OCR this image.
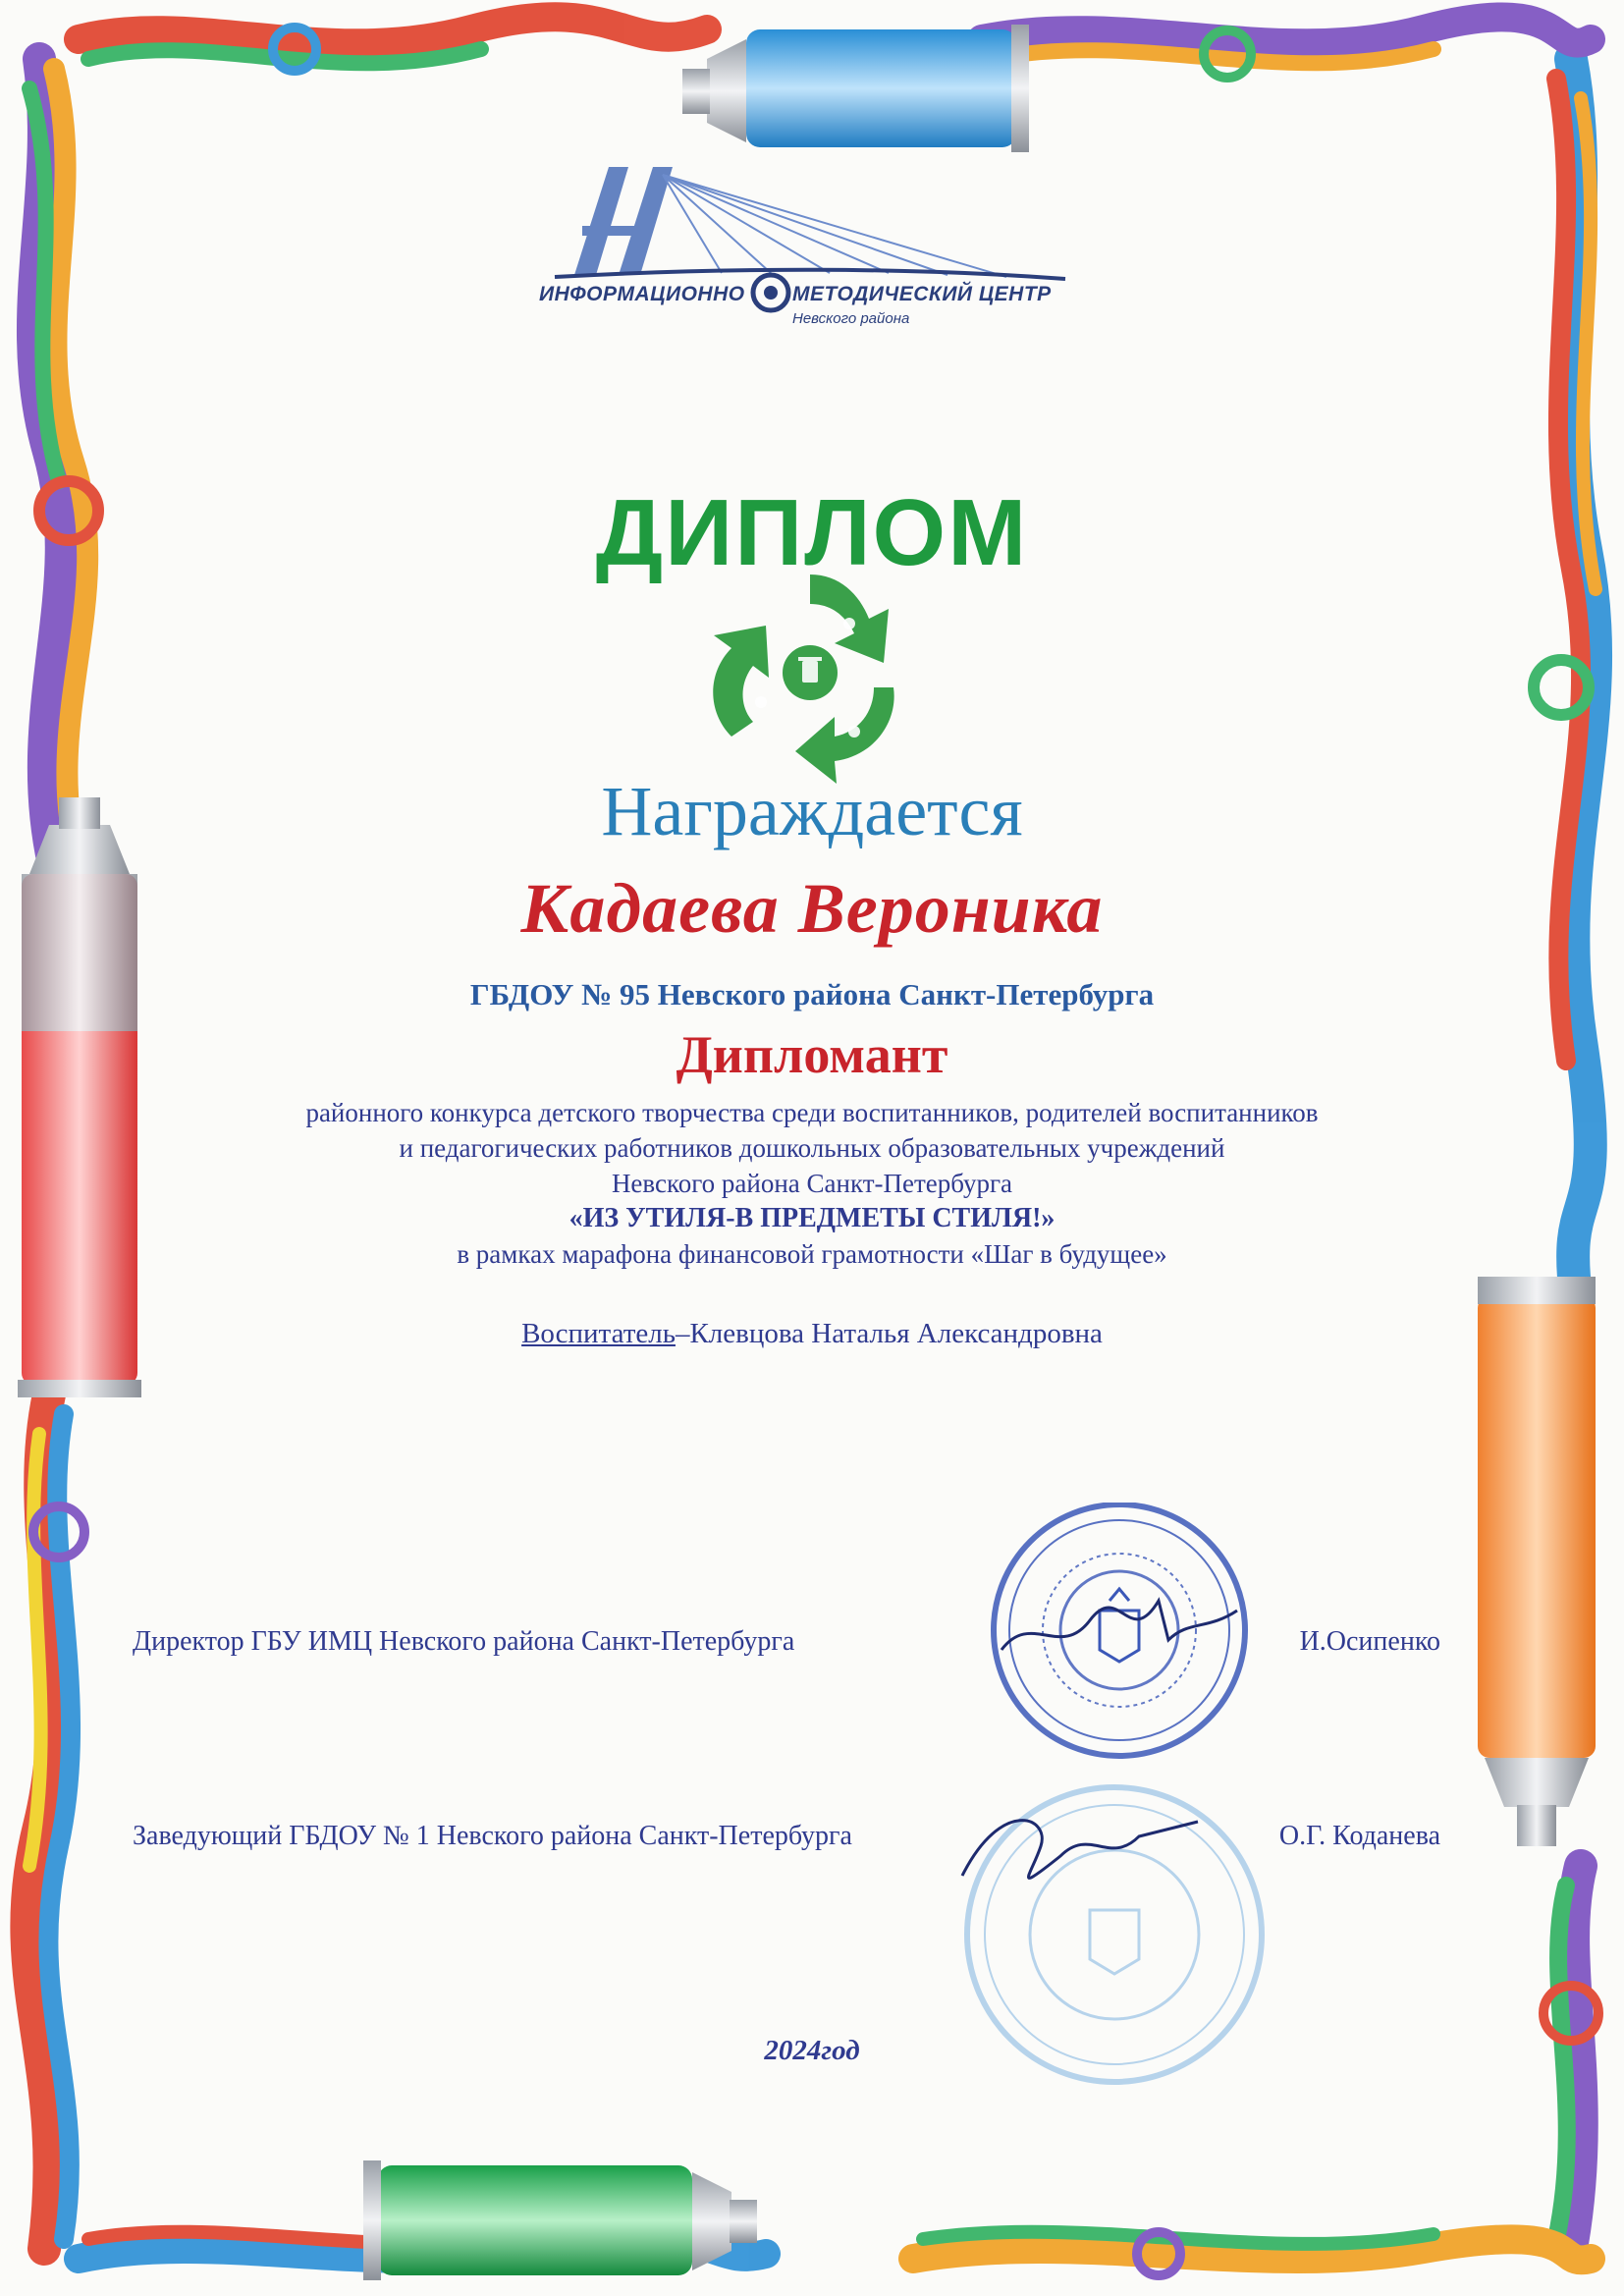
ИНФОРМАЦИОННО МЕТОДИЧЕСКИЙ ЦЕНТР
Невского района
ДИПЛОМ
Награждается
Кадаева Вероника
ГБДОУ № 95 Невского района Санкт-Петербурга
Дипломант
районного конкурса детского творчества среди воспитанников, родителей воспитанников
и педагогических работников дошкольных образовательных учреждений
Невского района Санкт-Петербурга
«ИЗ УТИЛЯ-В ПРЕДМЕТЫ СТИЛЯ!»
в рамках марафона финансовой грамотности «Шаг в будущее»
Воспитатель–Клевцова Наталья Александровна
Директор ГБУ ИМЦ Невского района Санкт-Петербурга	И.Осипенко
Заведующий ГБДОУ № 1 Невского района Санкт-Петербурга	О.Г. Коданева
2024год
